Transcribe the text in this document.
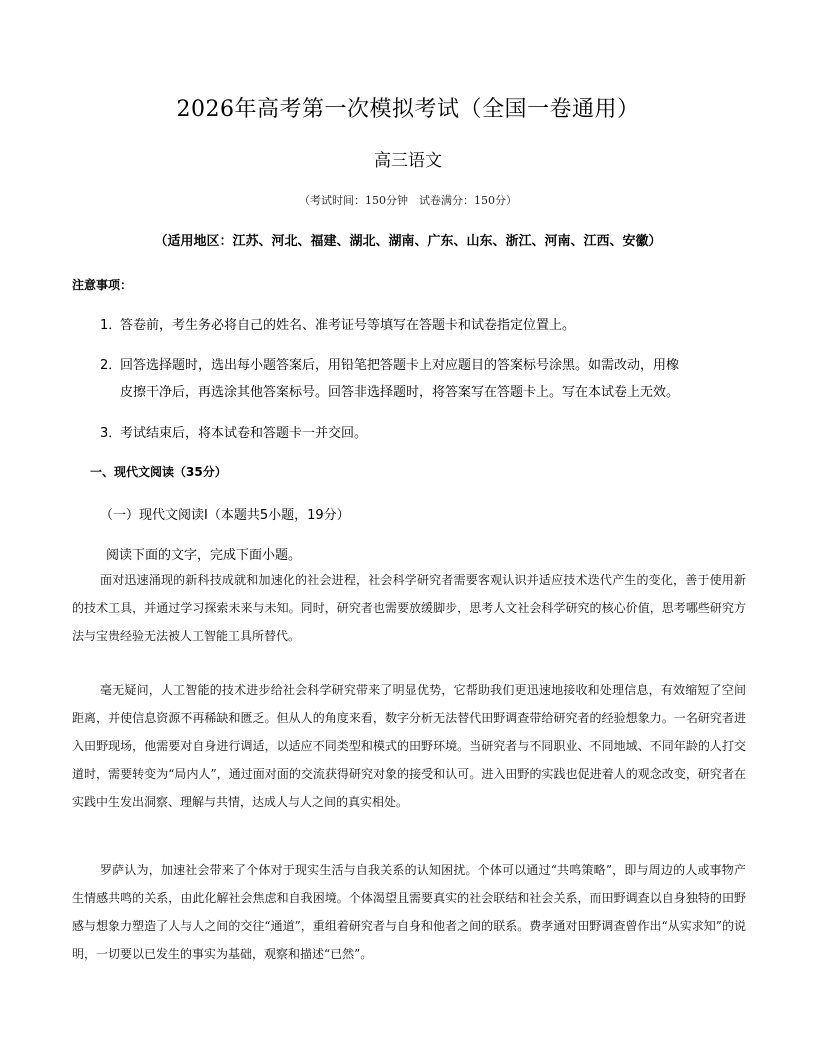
2026年高考第一次模拟考试（全国一卷通用）
高三语文
（考试时间：150分钟　试卷满分：150分）
（适用地区：江苏、河北、福建、湖北、湖南、广东、山东、浙江、河南、江西、安徽）
注意事项：
1．答卷前，考生务必将自己的姓名、准考证号等填写在答题卡和试卷指定位置上。
2．回答选择题时，选出每小题答案后，用铅笔把答题卡上对应题目的答案标号涂黑。如需改动，用橡
皮擦干净后，再选涂其他答案标号。回答非选择题时，将答案写在答题卡上。写在本试卷上无效。
3．考试结束后，将本试卷和答题卡一并交回。
一、现代文阅读（35分）
（一）现代文阅读Ⅰ（本题共5小题，19分）
阅读下面的文字，完成下面小题。

面对迅速涌现的新科技成就和加速化的社会进程，社会科学研究者需要客观认识并适应技术迭代产生的变化，善于使用新的技术工具，并通过学习探索未来与未知。同时，研究者也需要放缓脚步，思考人文社会科学研究的核心价值，思考哪些研究方法与宝贵经验无法被人工智能工具所替代。

毫无疑问，人工智能的技术进步给社会科学研究带来了明显优势，它帮助我们更迅速地接收和处理信息，有效缩短了空间距离，并使信息资源不再稀缺和匮乏。但从人的角度来看，数字分析无法替代田野调查带给研究者的经验想象力。一名研究者进入田野现场，他需要对自身进行调适，以适应不同类型和模式的田野环境。当研究者与不同职业、不同地域、不同年龄的人打交道时，需要转变为“局内人”，通过面对面的交流获得研究对象的接受和认可。进入田野的实践也促进着人的观念改变，研究者在实践中生发出洞察、理解与共情，达成人与人之间的真实相处。

罗萨认为，加速社会带来了个体对于现实生活与自我关系的认知困扰。个体可以通过“共鸣策略”，即与周边的人或事物产生情感共鸣的关系，由此化解社会焦虑和自我困境。个体渴望且需要真实的社会联结和社会关系，而田野调查以自身独特的田野感与想象力塑造了人与人之间的交往“通道”，重组着研究者与自身和他者之间的联系。费孝通对田野调查曾作出“从实求知”的说明，一切要以已发生的事实为基础，观察和描述“已然”。
